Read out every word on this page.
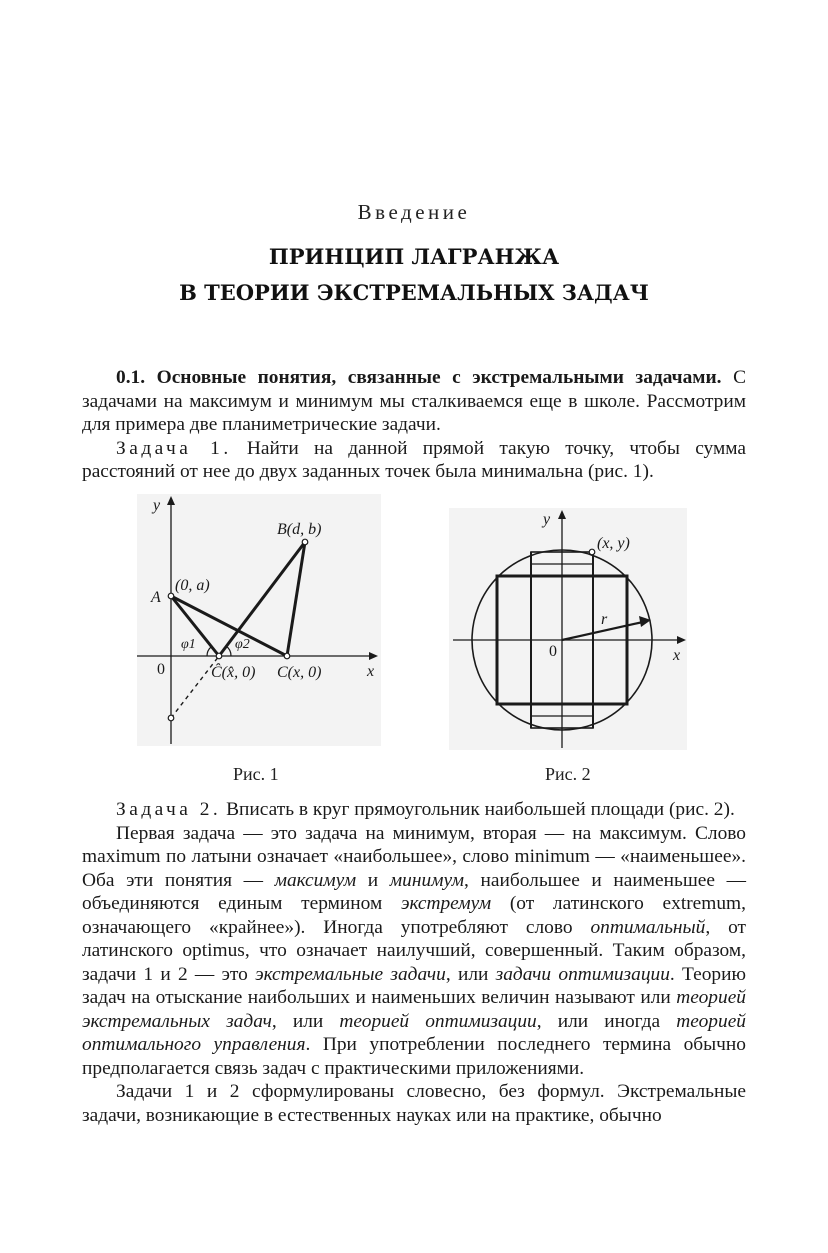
Введение
ПРИНЦИП ЛАГРАНЖА
В ТЕОРИИ ЭКСТРЕМАЛЬНЫХ ЗАДАЧ

0.1. Основные понятия, связанные с экстремальными задачами. С задачами на максимум и минимум мы сталкиваемся еще в школе. Рассмотрим для примера две планиметрические задачи.

Задача 1. Найти на данной прямой такую точку, чтобы сумма расстояний от нее до двух заданных точек была минимальна (рис. 1).

y
x
0
A
(0, a)
B(d, b)
φ1	φ2
Ĉ(x̂, 0) C(x, 0)
Рис. 1
y
x
0
(x, y)
r
Рис. 2

Задача 2. Вписать в круг прямоугольник наибольшей площади (рис. 2).

Первая задача — это задача на минимум, вторая — на максимум. Слово maximum по латыни означает «наибольшее», слово minimum — «наименьшее». Оба эти понятия — максимум и минимум, наибольшее и наименьшее — объединяются единым термином экстремум (от латинского extremum, означающего «крайнее»). Иногда употребляют слово оптимальный, от латинского optimus, что означает наилучший, совершенный. Таким образом, задачи 1 и 2 — это экстремальные задачи, или задачи оптимизации. Теорию задач на отыскание наибольших и наименьших величин называют или теорией экстремальных задач, или теорией оптимизации, или иногда теорией оптимального управления. При употреблении последнего термина обычно предполагается связь задач с практическими приложениями.

Задачи 1 и 2 сформулированы словесно, без формул. Экстремальные задачи, возникающие в естественных науках или на практике, обычно
